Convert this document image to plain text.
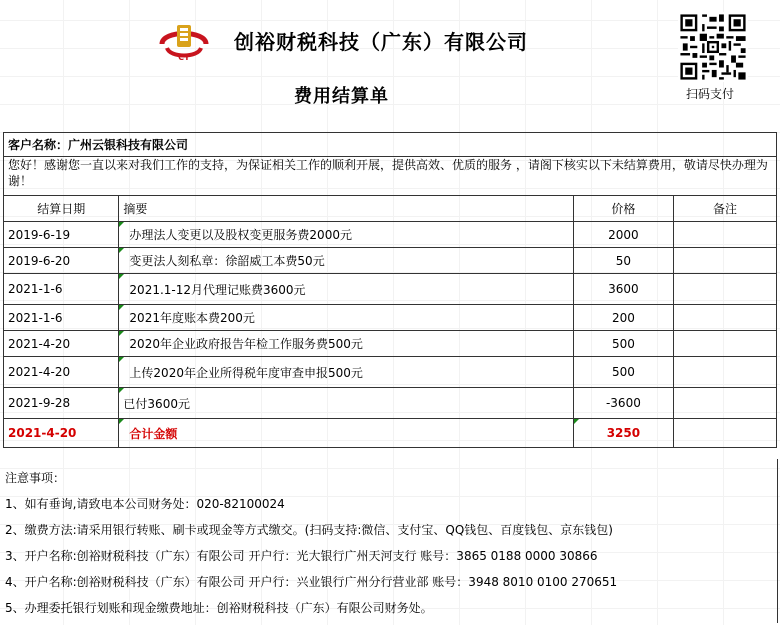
CY
创裕财税科技（广东）有限公司
费用结算单	扫码支付
客户名称：广州云银科技有限公司			
您好！感谢您一直以来对我们工作的支持，为保证相关工作的顺利开展，提供高效、优质的服务 ，请阁下核实以下未结算费用，敬请尽快办理为谢！			
结算日期	摘要	价格	备注
2019-6-19	办理法人变更以及股权变更服务费2000元	2000	
2019-6-20	变更法人刻私章：徐韶威工本费50元	50	
2021-1-6	2021.1-12月代理记账费3600元	3600	
2021-1-6	2021年度账本费200元	200	
2021-4-20	2020年企业政府报告年检工作服务费500元	500	
2021-4-20	上传2020年企业所得税年度审查申报500元	500	
2021-9-28	已付3600元	-3600	
2021-4-20	合计金额	3250	
注意事项：
1、如有垂询,请致电本公司财务处：020-82100024
2、缴费方法:请采用银行转账、刷卡或现金等方式缴交。(扫码支持:微信、支付宝、QQ钱包、百度钱包、京东钱包)
3、开户名称:创裕财税科技（广东）有限公司 开户行：光大银行广州天河支行 账号：3865 0188 0000 30866
4、开户名称:创裕财税科技（广东）有限公司 开户行：兴业银行广州分行营业部 账号：3948 8010 0100 270651
5、办理委托银行划账和现金缴费地址：创裕财税科技（广东）有限公司财务处。
